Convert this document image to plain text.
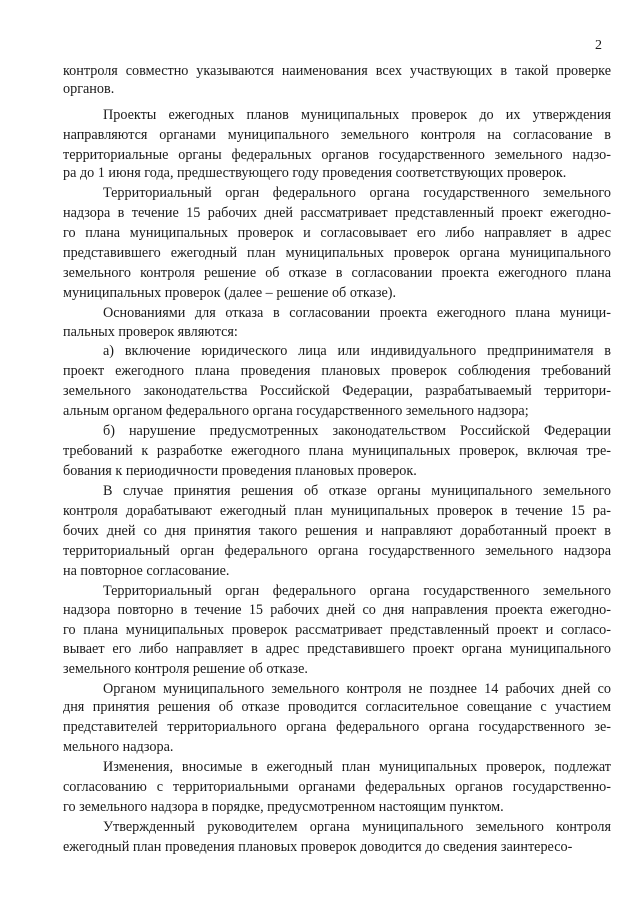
2
контроля совместно указываются наименования всех участвующих в такой проверке
органов.
Проекты ежегодных планов муниципальных проверок до их утверждения
направляются органами муниципального земельного контроля на согласование в
территориальные органы федеральных органов государственного земельного надзо-
ра до 1 июня года, предшествующего году проведения соответствующих проверок.
Территориальный орган федерального органа государственного земельного
надзора в течение 15 рабочих дней рассматривает представленный проект ежегодно-
го плана муниципальных проверок и согласовывает его либо направляет в адрес
представившего ежегодный план муниципальных проверок органа муниципального
земельного контроля решение об отказе в согласовании проекта ежегодного плана
муниципальных проверок (далее – решение об отказе).
Основаниями для отказа в согласовании проекта ежегодного плана муници-
пальных проверок являются:
а) включение юридического лица или индивидуального предпринимателя в
проект ежегодного плана проведения плановых проверок соблюдения требований
земельного законодательства Российской Федерации, разрабатываемый территори-
альным органом федерального органа государственного земельного надзора;
б) нарушение предусмотренных законодательством Российской Федерации
требований к разработке ежегодного плана муниципальных проверок, включая тре-
бования к периодичности проведения плановых проверок.
В случае принятия решения об отказе органы муниципального земельного
контроля дорабатывают ежегодный план муниципальных проверок в течение 15 ра-
бочих дней со дня принятия такого решения и направляют доработанный проект в
территориальный орган федерального органа государственного земельного надзора
на повторное согласование.
Территориальный орган федерального органа государственного земельного
надзора повторно в течение 15 рабочих дней со дня направления проекта ежегодно-
го плана муниципальных проверок рассматривает представленный проект и согласо-
вывает его либо направляет в адрес представившего проект органа муниципального
земельного контроля решение об отказе.
Органом муниципального земельного контроля не позднее 14 рабочих дней со
дня принятия решения об отказе проводится согласительное совещание с участием
представителей территориального органа федерального органа государственного зе-
мельного надзора.
Изменения, вносимые в ежегодный план муниципальных проверок, подлежат
согласованию с территориальными органами федеральных органов государственно-
го земельного надзора в порядке, предусмотренном настоящим пунктом.
Утвержденный руководителем органа муниципального земельного контроля
ежегодный план проведения плановых проверок доводится до сведения заинтересо-
